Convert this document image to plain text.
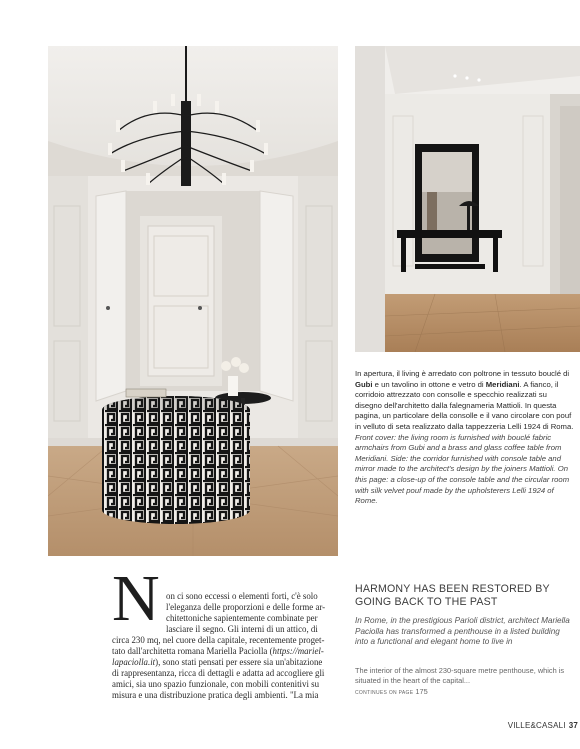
In apertura, il living è arredato con poltrone in tessuto bouclé di Gubi e un tavolino in ottone e vetro di Meridiani. A fianco, il corridoio attrezzato con consolle e specchio realizzati su disegno dell'architetto dalla falegnameria Mattioli. In questa pagina, un particolare della consolle e il vano circolare con pouf in velluto di seta realizzato dalla tappezzeria Lelli 1924 di Roma. Front cover: the living room is furnished with bouclé fabric armchairs from Gubi and a brass and glass coffee table from Meridiani. Side: the corridor furnished with console table and mirror made to the architect's design by the joiners Mattioli. On this page: a close-up of the console table and the circular room with silk velvet pouf made by the upholsterers Lelli 1924 of Rome.
N on ci sono eccessi o elementi forti, c'è solo

l'eleganza delle proporzioni e delle forme ar-

chitettoniche sapientemente combinate per

lasciare il segno. Gli interni di un attico, di

circa 230 mq, nel cuore della capitale, recentemente proget-

tato dall'architetta romana Mariella Paciolla (https://mariel-

lapaciolla.it), sono stati pensati per essere sia un'abitazione

di rappresentanza, ricca di dettagli e adatta ad accogliere gli

amici, sia uno spazio funzionale, con mobili contenitivi su

misura e una distribuzione pratica degli ambienti. "La mia

HARMONY HAS BEEN RESTORED BY GOING BACK TO THE PAST
In Rome, in the prestigious Parioli district, architect Mariella Paciolla has transformed a penthouse in a listed building into a functional and elegant home to live in
The interior of the almost 230-square metre penthouse, which is situated in the heart of the capital...
CONTINUES ON PAGE 175
VILLE&CASALI 37
